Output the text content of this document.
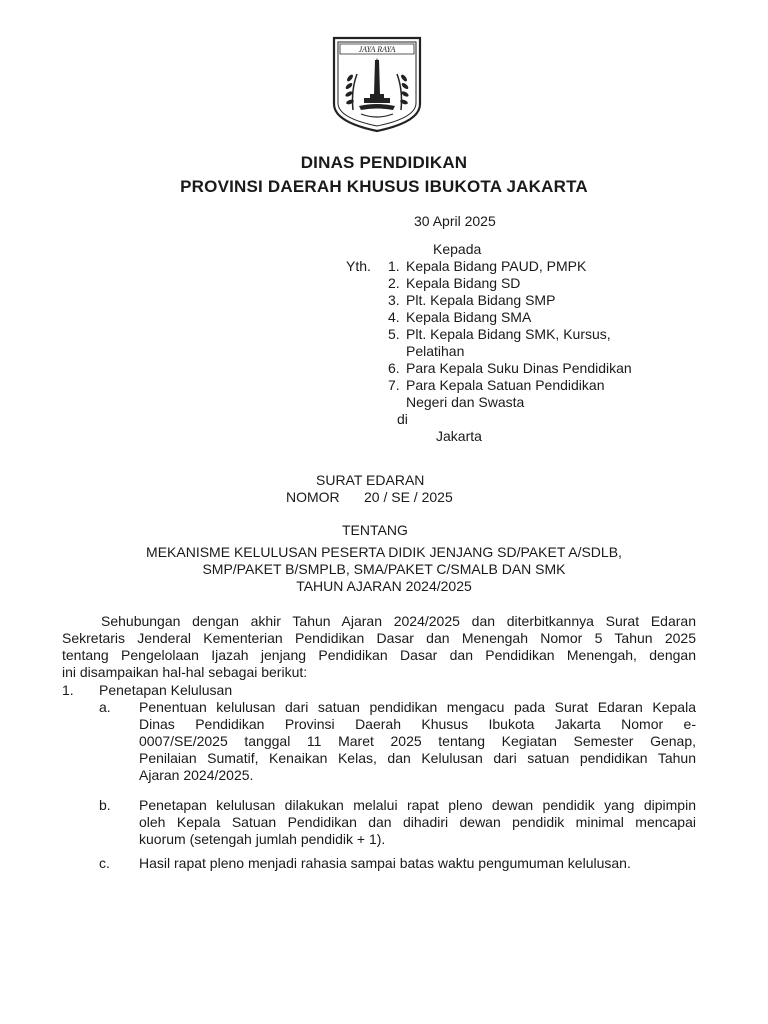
JAYA RAYA
DINAS PENDIDIKAN
PROVINSI DAERAH KHUSUS IBUKOTA JAKARTA
30 April 2025
Kepada
Yth. 1. Kepala Bidang PAUD, PMPK
2. Kepala Bidang SD
3. Plt. Kepala Bidang SMP
4. Kepala Bidang SMA
5. Plt. Kepala Bidang SMK, Kursus,
Pelatihan
6. Para Kepala Suku Dinas Pendidikan
7. Para Kepala Satuan Pendidikan
Negeri dan Swasta
di
Jakarta
SURAT EDARAN
NOMOR 20 / SE / 2025
TENTANG
MEKANISME KELULUSAN PESERTA DIDIK JENJANG SD/PAKET A/SDLB,
SMP/PAKET B/SMPLB, SMA/PAKET C/SMALB DAN SMK
TAHUN AJARAN 2024/2025
Sehubungan dengan akhir Tahun Ajaran 2024/2025 dan diterbitkannya Surat Edaran
Sekretaris Jenderal Kementerian Pendidikan Dasar dan Menengah Nomor 5 Tahun 2025
tentang Pengelolaan Ijazah jenjang Pendidikan Dasar dan Pendidikan Menengah, dengan
ini disampaikan hal-hal sebagai berikut:
1. Penetapan Kelulusan
a. Penentuan kelulusan dari satuan pendidikan mengacu pada Surat Edaran Kepala
Dinas Pendidikan Provinsi Daerah Khusus Ibukota Jakarta Nomor e-
0007/SE/2025 tanggal 11 Maret 2025 tentang Kegiatan Semester Genap,
Penilaian Sumatif, Kenaikan Kelas, dan Kelulusan dari satuan pendidikan Tahun
Ajaran 2024/2025.
b. Penetapan kelulusan dilakukan melalui rapat pleno dewan pendidik yang dipimpin
oleh Kepala Satuan Pendidikan dan dihadiri dewan pendidik minimal mencapai
kuorum (setengah jumlah pendidik + 1).
c. Hasil rapat pleno menjadi rahasia sampai batas waktu pengumuman kelulusan.
